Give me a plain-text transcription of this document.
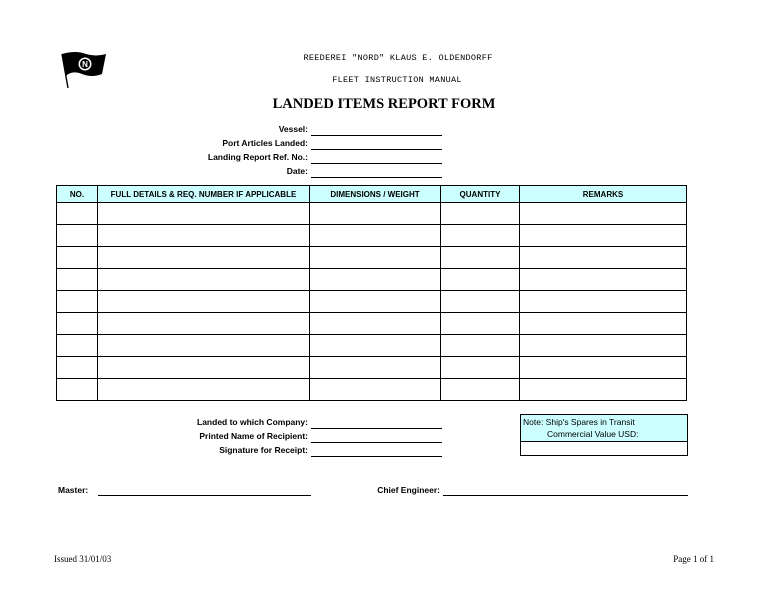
N
REEDEREI "NORD" KLAUS E. OLDENDORFF
FLEET INSTRUCTION MANUAL
LANDED ITEMS REPORT FORM
Vessel:
Port Articles Landed:
Landing Report Ref. No.:
Date:
NO.	FULL DETAILS & REQ. NUMBER IF APPLICABLE	DIMENSIONS / WEIGHT	QUANTITY	REMARKS

Landed to which Company:
Printed Name of Recipient:
Signature for Receipt:
Note: Ship's Spares in Transit
Commercial Value USD:
Master:	Chief Engineer:
Issued 31/01/03	Page 1 of 1
